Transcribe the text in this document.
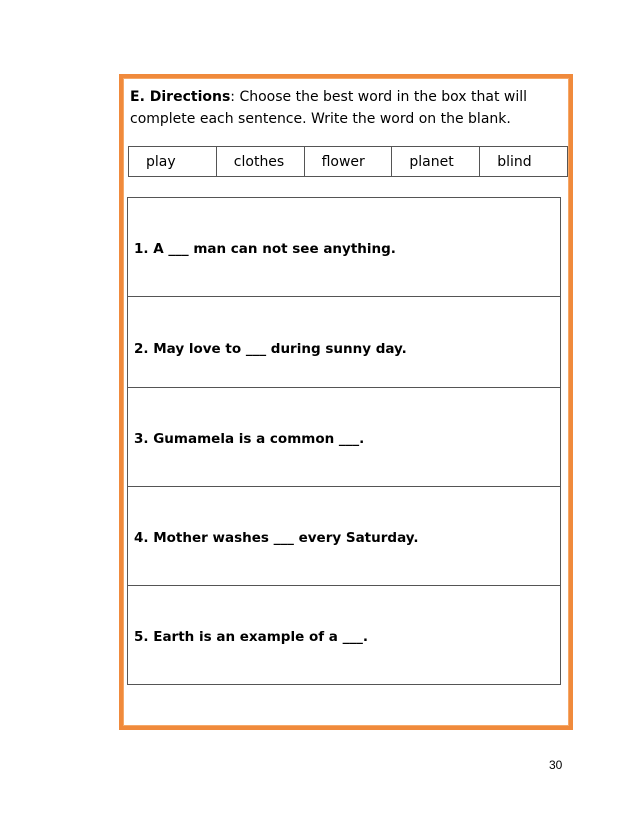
E. Directions: Choose the best word in the box that will complete each sentence. Write the word on the blank.
play	clothes	flower	planet	blind
1. A ___ man can not see anything.
2. May love to ___ during sunny day.
3. Gumamela is a common ___.
4. Mother washes ___ every Saturday.
5. Earth is an example of a ___.
30
